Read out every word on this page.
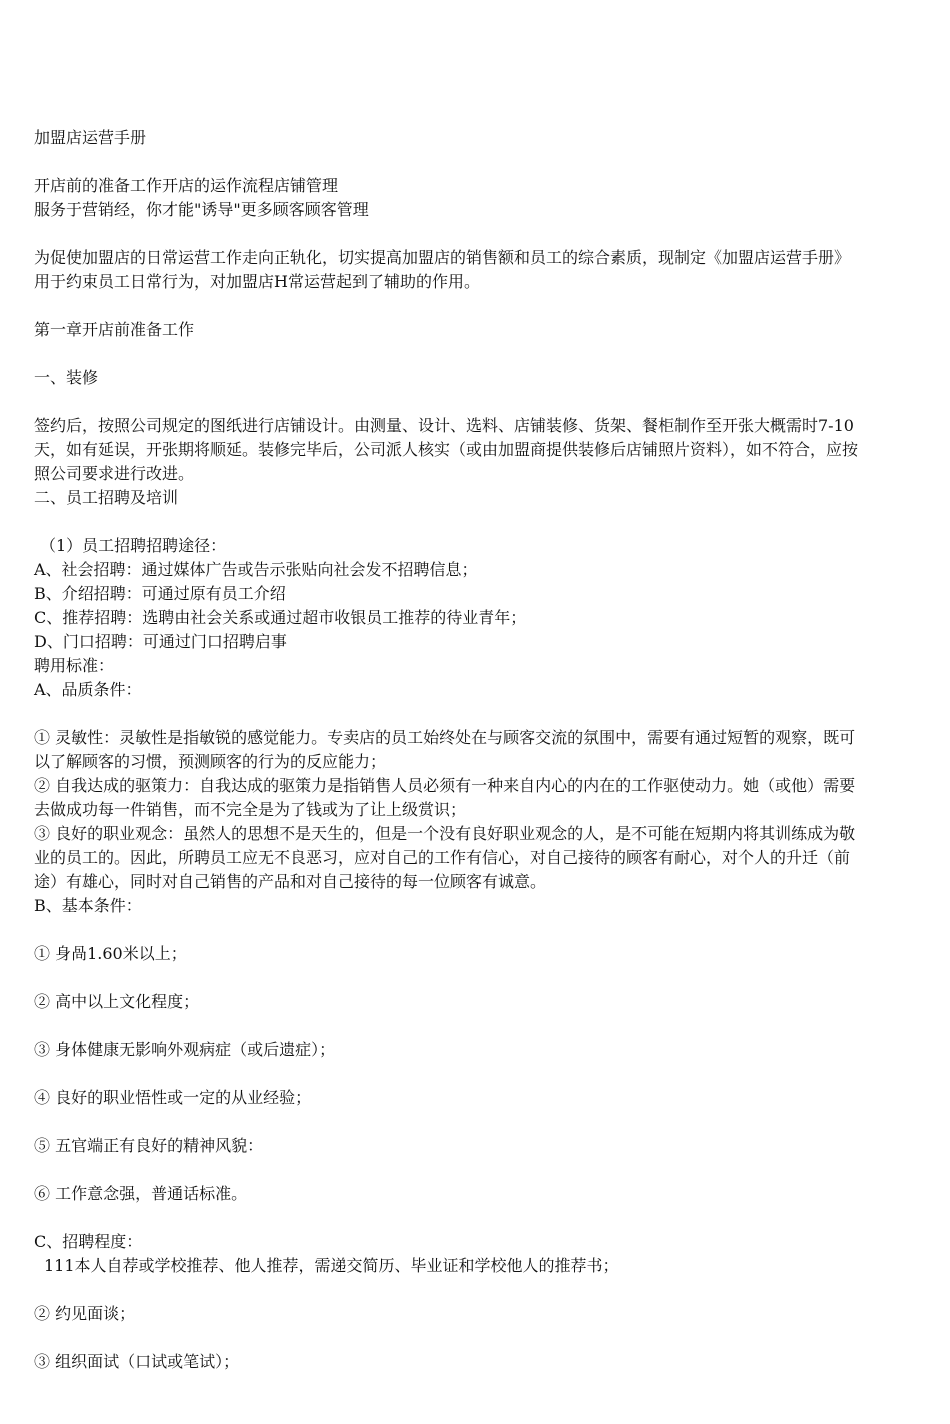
加盟店运营手册

开店前的准备工作开店的运作流程店铺管理

服务于营销经，你才能"诱导"更多顾客顾客管理

为促使加盟店的日常运营工作走向正轨化，切实提高加盟店的销售额和员工的综合素质，现制定《加盟店运营手册》用于约束员工日常行为，对加盟店H常运营起到了辅助的作用。

第一章开店前准备工作

一、装修

签约后，按照公司规定的图纸进行店铺设计。由测量、设计、选料、店铺装修、货架、餐柜制作至开张大概需时7-10天，如有延误，开张期将顺延。装修完毕后，公司派人核实（或由加盟商提供装修后店铺照片资料），如不符合，应按照公司要求进行改进。

二、员工招聘及培训

（1）员工招聘招聘途径：

A、社会招聘：通过媒体广告或告示张贴向社会发不招聘信息；

B、介绍招聘：可通过原有员工介绍

C、推荐招聘：选聘由社会关系或通过超市收银员工推荐的待业青年；

D、门口招聘：可通过门口招聘启事

聘用标准：

A、品质条件：

① 灵敏性：灵敏性是指敏锐的感觉能力。专卖店的员工始终处在与顾客交流的氛围中，需要有通过短暂的观察，既可以了解顾客的习惯，预测顾客的行为的反应能力；

② 自我达成的驱策力：自我达成的驱策力是指销售人员必须有一种来自内心的内在的工作驱使动力。她（或他）需要去做成功每一件销售，而不完全是为了钱或为了让上级赏识；

③ 良好的职业观念：虽然人的思想不是天生的，但是一个没有良好职业观念的人，是不可能在短期内将其训练成为敬业的员工的。因此，所聘员工应无不良恶习，应对自己的工作有信心，对自己接待的顾客有耐心，对个人的升迁（前途）有雄心，同时对自己销售的产品和对自己接待的每一位顾客有诚意。

B、基本条件：

① 身咼1.60米以上；

② 高中以上文化程度；

③ 身体健康无影响外观病症（或后遗症）；

④ 良好的职业悟性或一定的从业经验；

⑤ 五官端正有良好的精神风貌：

⑥ 工作意念强，普通话标准。

C、招聘程度：

111本人自荐或学校推荐、他人推荐，需递交简历、毕业证和学校他人的推荐书；

② 约见面谈；

③ 组织面试（口试或笔试）；
